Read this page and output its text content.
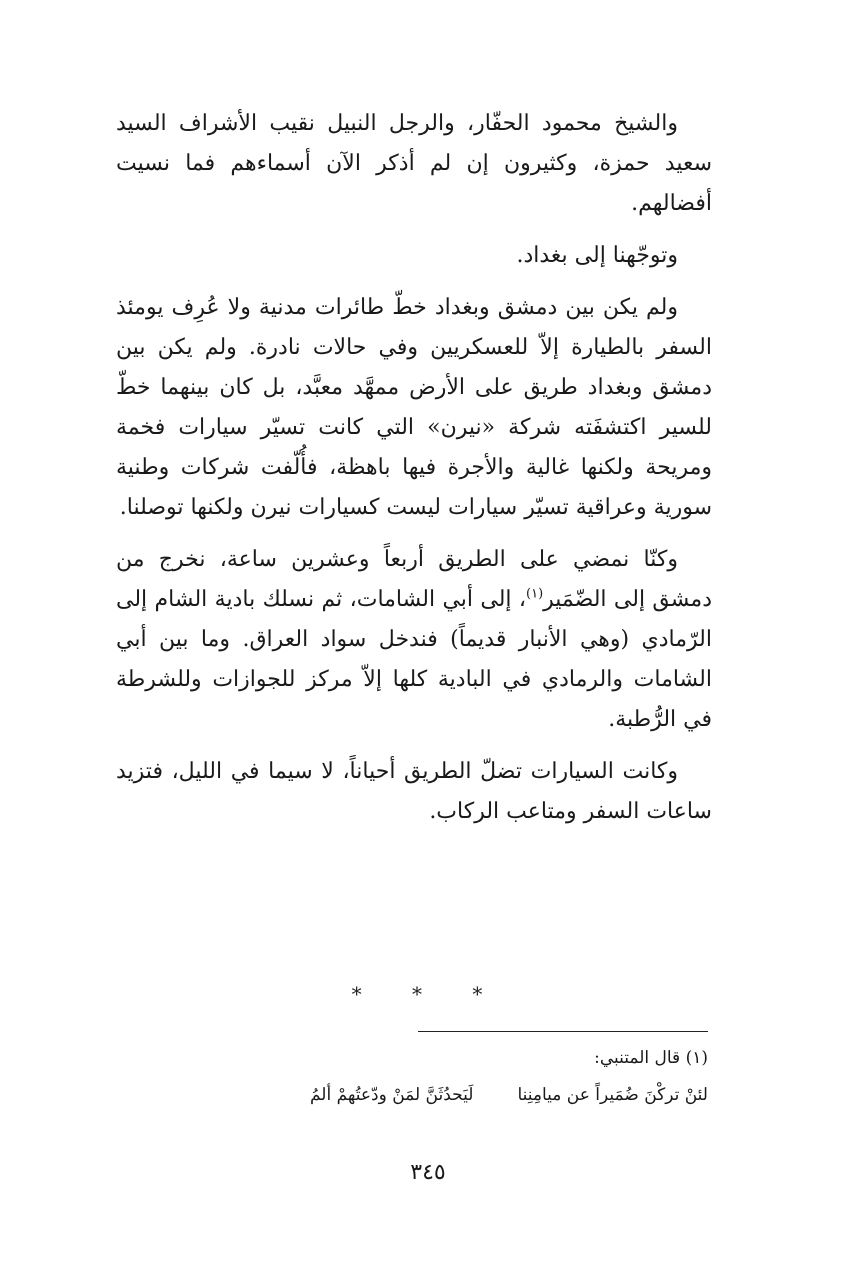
والشيخ محمود الحفّار، والرجل النبيل نقيب الأشراف السيد سعيد حمزة، وكثيرون إن لم أذكر الآن أسماءهم فما نسيت أفضالهم.

وتوجّهنا إلى بغداد.

ولم يكن بين دمشق وبغداد خطّ طائرات مدنية ولا عُرِف يومئذ السفر بالطيارة إلاّ للعسكريين وفي حالات نادرة. ولم يكن بين دمشق وبغداد طريق على الأرض ممهَّد معبَّد، بل كان بينهما خطّ للسير اكتشفَته شركة «نيرن» التي كانت تسيّر سيارات فخمة ومريحة ولكنها غالية والأجرة فيها باهظة، فأُلّفت شركات وطنية سورية وعراقية تسيّر سيارات ليست كسيارات نيرن ولكنها توصلنا.

وكنّا نمضي على الطريق أربعاً وعشرين ساعة، نخرج من دمشق إلى الضّمَير$^{(١)}$، إلى أبي الشامات، ثم نسلك بادية الشام إلى الرّمادي (وهي الأنبار قديماً) فندخل سواد العراق. وما بين أبي الشامات والرمادي في البادية كلها إلاّ مركز للجوازات وللشرطة في الرُّطبة.

وكانت السيارات تضلّ الطريق أحياناً، لا سيما في الليل، فتزيد ساعات السفر ومتاعب الركاب.

* * *
(١) قال المتنبي:
لئنْ تركْنَ ضُمَيراً عن ميامِنِنا
لَيَحدُثَنَّ لمَنْ ودّعتُهمْ ألمُ
٣٤٥
